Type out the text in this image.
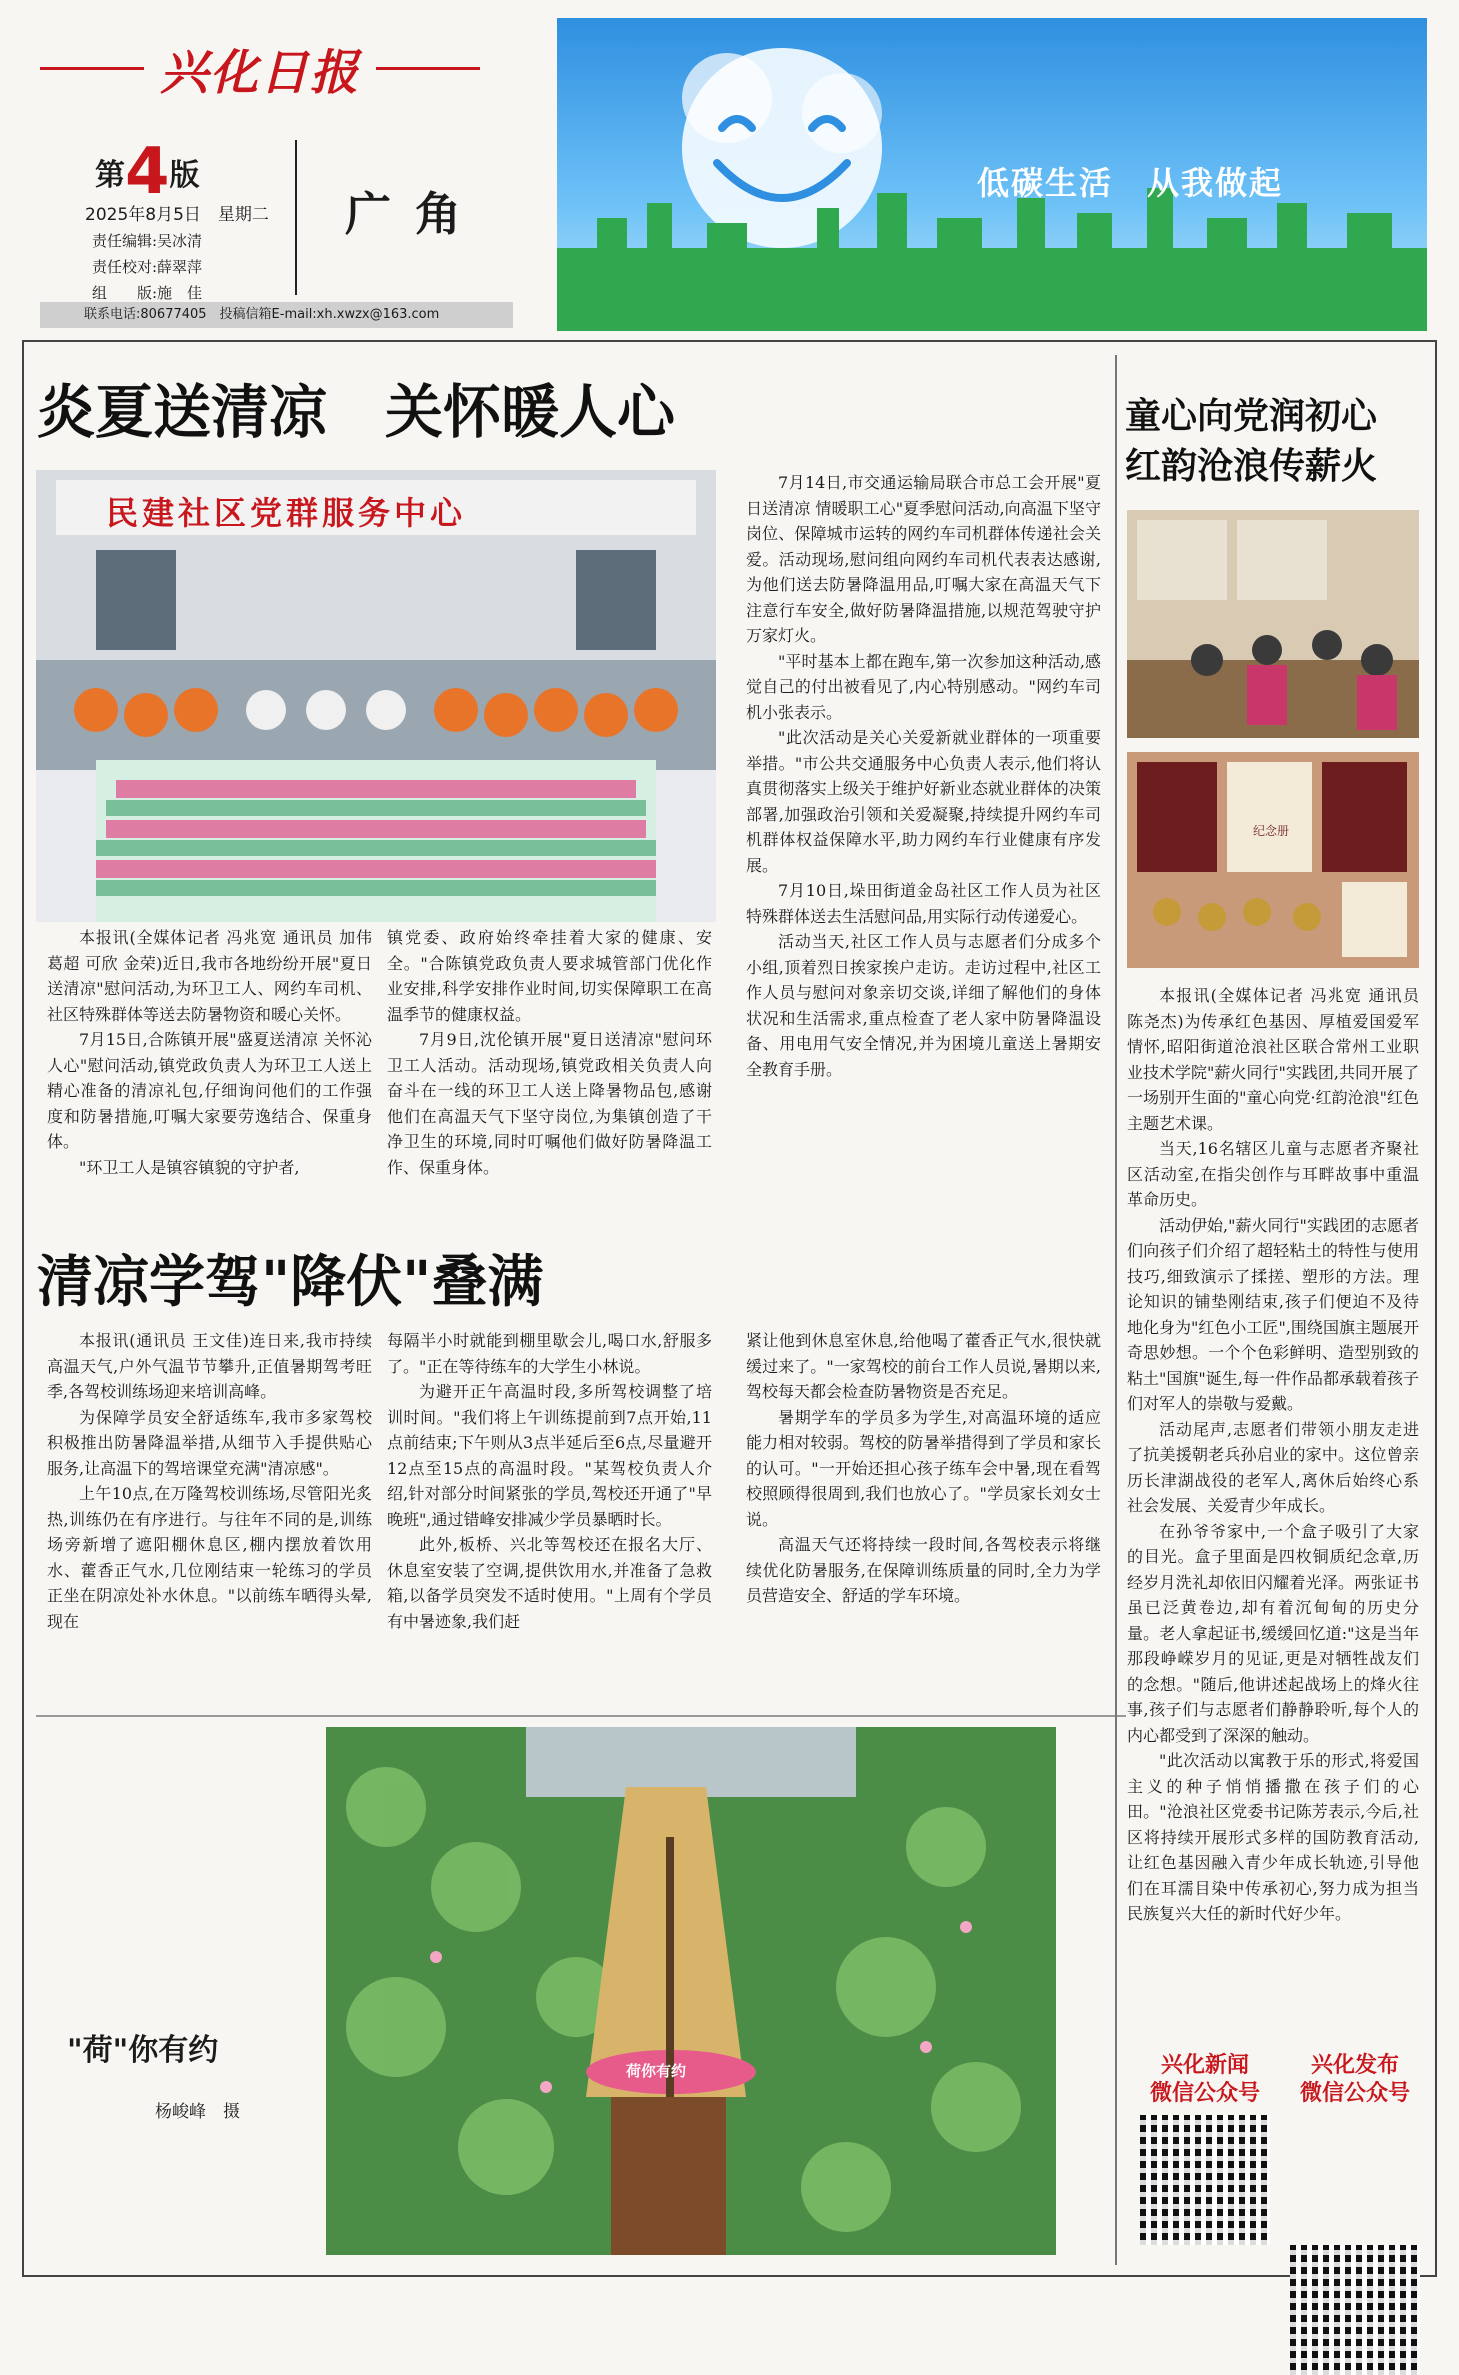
兴化日报
第4版
2025年8月5日　星期二
责任编辑:吴冰清
责任校对:薛翠萍
组　　版:施　佳
广角
联系电话:80677405　投稿信箱E-mail:xh.xwzx@163.com
低碳生活　从我做起
炎夏送清凉　关怀暖人心
民建社区党群服务中心

本报讯(全媒体记者 冯兆宽 通讯员 加伟 葛超 可欣 金荣)近日,我市各地纷纷开展"夏日送清凉"慰问活动,为环卫工人、网约车司机、社区特殊群体等送去防暑物资和暖心关怀。

7月15日,合陈镇开展"盛夏送清凉 关怀沁人心"慰问活动,镇党政负责人为环卫工人送上精心准备的清凉礼包,仔细询问他们的工作强度和防暑措施,叮嘱大家要劳逸结合、保重身体。

"环卫工人是镇容镇貌的守护者,

镇党委、政府始终牵挂着大家的健康、安全。"合陈镇党政负责人要求城管部门优化作业安排,科学安排作业时间,切实保障职工在高温季节的健康权益。

7月9日,沈伦镇开展"夏日送清凉"慰问环卫工人活动。活动现场,镇党政相关负责人向奋斗在一线的环卫工人送上降暑物品包,感谢他们在高温天气下坚守岗位,为集镇创造了干净卫生的环境,同时叮嘱他们做好防暑降温工作、保重身体。

7月14日,市交通运输局联合市总工会开展"夏日送清凉 情暖职工心"夏季慰问活动,向高温下坚守岗位、保障城市运转的网约车司机群体传递社会关爱。活动现场,慰问组向网约车司机代表表达感谢,为他们送去防暑降温用品,叮嘱大家在高温天气下注意行车安全,做好防暑降温措施,以规范驾驶守护万家灯火。

"平时基本上都在跑车,第一次参加这种活动,感觉自己的付出被看见了,内心特别感动。"网约车司机小张表示。

"此次活动是关心关爱新就业群体的一项重要举措。"市公共交通服务中心负责人表示,他们将认真贯彻落实上级关于维护好新业态就业群体的决策部署,加强政治引领和关爱凝聚,持续提升网约车司机群体权益保障水平,助力网约车行业健康有序发展。

7月10日,垛田街道金岛社区工作人员为社区特殊群体送去生活慰问品,用实际行动传递爱心。

活动当天,社区工作人员与志愿者们分成多个小组,顶着烈日挨家挨户走访。走访过程中,社区工作人员与慰问对象亲切交谈,详细了解他们的身体状况和生活需求,重点检查了老人家中防暑降温设备、用电用气安全情况,并为困境儿童送上暑期安全教育手册。

清凉学驾"降伏"叠满

本报讯(通讯员 王文佳)连日来,我市持续高温天气,户外气温节节攀升,正值暑期驾考旺季,各驾校训练场迎来培训高峰。

为保障学员安全舒适练车,我市多家驾校积极推出防暑降温举措,从细节入手提供贴心服务,让高温下的驾培课堂充满"清凉感"。

上午10点,在万隆驾校训练场,尽管阳光炙热,训练仍在有序进行。与往年不同的是,训练场旁新增了遮阳棚休息区,棚内摆放着饮用水、藿香正气水,几位刚结束一轮练习的学员正坐在阴凉处补水休息。"以前练车晒得头晕,现在

每隔半小时就能到棚里歇会儿,喝口水,舒服多了。"正在等待练车的大学生小林说。

为避开正午高温时段,多所驾校调整了培训时间。"我们将上午训练提前到7点开始,11点前结束;下午则从3点半延后至6点,尽量避开12点至15点的高温时段。"某驾校负责人介绍,针对部分时间紧张的学员,驾校还开通了"早晚班",通过错峰安排减少学员暴晒时长。

此外,板桥、兴北等驾校还在报名大厅、休息室安装了空调,提供饮用水,并准备了急救箱,以备学员突发不适时使用。"上周有个学员有中暑迹象,我们赶

紧让他到休息室休息,给他喝了藿香正气水,很快就缓过来了。"一家驾校的前台工作人员说,暑期以来,驾校每天都会检查防暑物资是否充足。

暑期学车的学员多为学生,对高温环境的适应能力相对较弱。驾校的防暑举措得到了学员和家长的认可。"一开始还担心孩子练车会中暑,现在看驾校照顾得很周到,我们也放心了。"学员家长刘女士说。

高温天气还将持续一段时间,各驾校表示将继续优化防暑服务,在保障训练质量的同时,全力为学员营造安全、舒适的学车环境。

"荷"你有约
杨峻峰　摄
荷你有约
童心向党润初心
红韵沧浪传薪火
纪念册

本报讯(全媒体记者 冯兆宽 通讯员 陈尧杰)为传承红色基因、厚植爱国爱军情怀,昭阳街道沧浪社区联合常州工业职业技术学院"薪火同行"实践团,共同开展了一场别开生面的"童心向党·红韵沧浪"红色主题艺术课。

当天,16名辖区儿童与志愿者齐聚社区活动室,在指尖创作与耳畔故事中重温革命历史。

活动伊始,"薪火同行"实践团的志愿者们向孩子们介绍了超轻粘土的特性与使用技巧,细致演示了揉搓、塑形的方法。理论知识的铺垫刚结束,孩子们便迫不及待地化身为"红色小工匠",围绕国旗主题展开奇思妙想。一个个色彩鲜明、造型别致的粘土"国旗"诞生,每一件作品都承载着孩子们对军人的崇敬与爱戴。

活动尾声,志愿者们带领小朋友走进了抗美援朝老兵孙启业的家中。这位曾亲历长津湖战役的老军人,离休后始终心系社会发展、关爱青少年成长。

在孙爷爷家中,一个盒子吸引了大家的目光。盒子里面是四枚铜质纪念章,历经岁月洗礼却依旧闪耀着光泽。两张证书虽已泛黄卷边,却有着沉甸甸的历史分量。老人拿起证书,缓缓回忆道:"这是当年那段峥嵘岁月的见证,更是对牺牲战友们的念想。"随后,他讲述起战场上的烽火往事,孩子们与志愿者们静静聆听,每个人的内心都受到了深深的触动。

"此次活动以寓教于乐的形式,将爱国主义的种子悄悄播撒在孩子们的心田。"沧浪社区党委书记陈芳表示,今后,社区将持续开展形式多样的国防教育活动,让红色基因融入青少年成长轨迹,引导他们在耳濡目染中传承初心,努力成为担当民族复兴大任的新时代好少年。

兴化新闻
微信公众号
兴化发布
微信公众号
